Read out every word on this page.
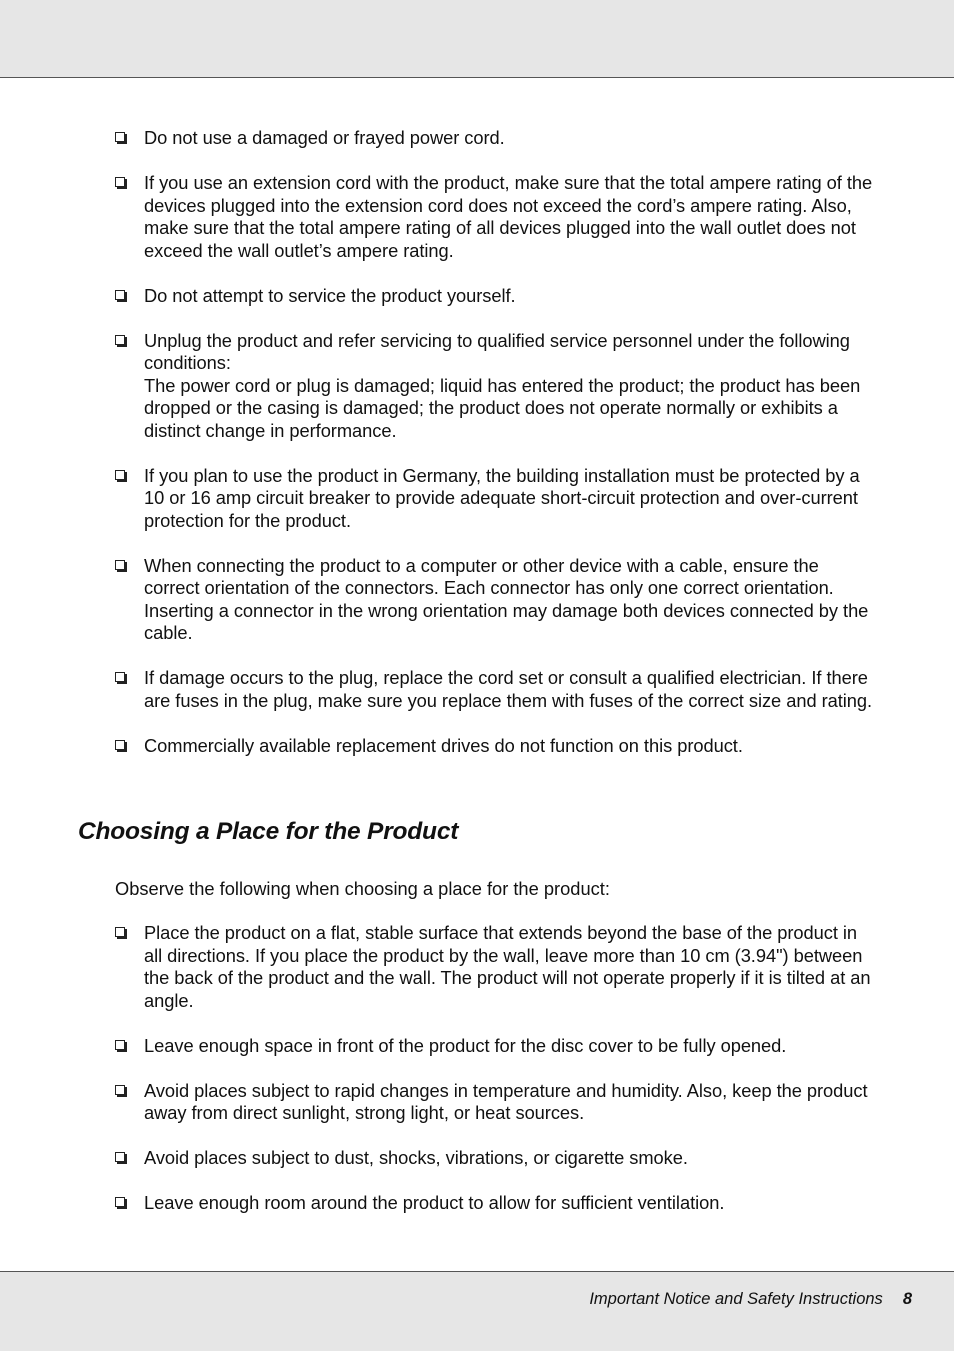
Do not use a damaged or frayed power cord.
If you use an extension cord with the product, make sure that the total ampere rating of the devices plugged into the extension cord does not exceed the cord’s ampere rating. Also, make sure that the total ampere rating of all devices plugged into the wall outlet does not exceed the wall outlet’s ampere rating.
Do not attempt to service the product yourself.
Unplug the product and refer servicing to qualified service personnel under the following conditions:
The power cord or plug is damaged; liquid has entered the product; the product has been dropped or the casing is damaged; the product does not operate normally or exhibits a distinct change in performance.
If you plan to use the product in Germany, the building installation must be protected by a 10 or 16 amp circuit breaker to provide adequate short-circuit protection and over-current protection for the product.
When connecting the product to a computer or other device with a cable, ensure the correct orientation of the connectors. Each connector has only one correct orientation. Inserting a connector in the wrong orientation may damage both devices connected by the cable.
If damage occurs to the plug, replace the cord set or consult a qualified electrician. If there are fuses in the plug, make sure you replace them with fuses of the correct size and rating.
Commercially available replacement drives do not function on this product.
Choosing a Place for the Product

Observe the following when choosing a place for the product:

Place the product on a flat, stable surface that extends beyond the base of the product in all directions. If you place the product by the wall, leave more than 10 cm (3.94") between the back of the product and the wall. The product will not operate properly if it is tilted at an angle.
Leave enough space in front of the product for the disc cover to be fully opened.
Avoid places subject to rapid changes in temperature and humidity. Also, keep the product away from direct sunlight, strong light, or heat sources.
Avoid places subject to dust, shocks, vibrations, or cigarette smoke.
Leave enough room around the product to allow for sufficient ventilation.
Important Notice and Safety Instructions 8
